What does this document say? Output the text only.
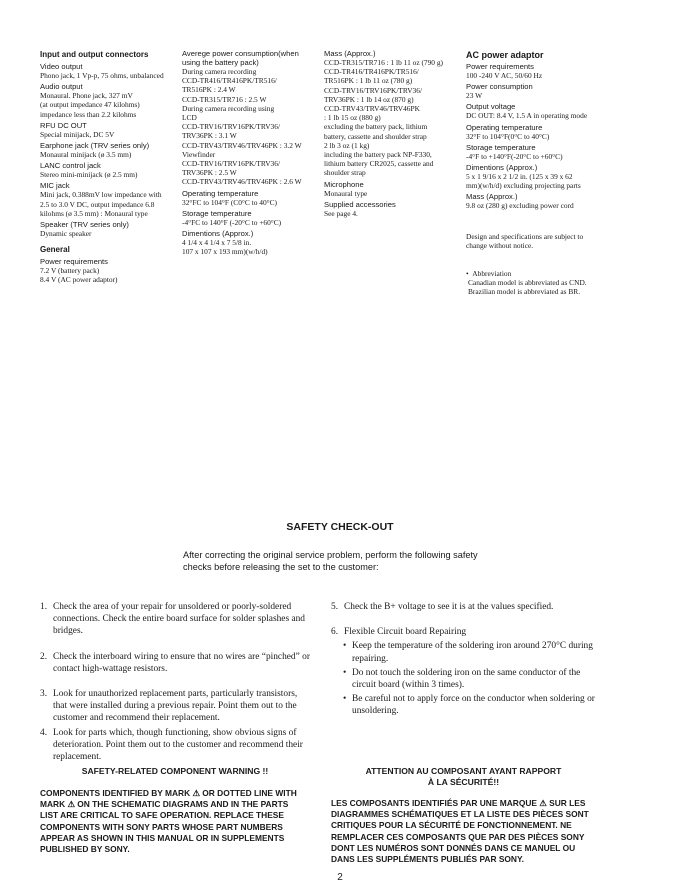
Input and output connectors
Video output
Phono jack, 1 Vp-p, 75 ohms, unbalanced
Audio output
Monaural. Phone jack, 327 mV
(at output impedance 47 kilohms)
impedance less than 2.2 kilohms
RFU DC OUT
Special minijack, DC 5V
Earphone jack (TRV series only)
Monaural minijack (ø 3.5 mm)
LANC control jack
Stereo mini-minijack (ø 2.5 mm)
MIC jack
Mini jack, 0.388mV low impedance with
2.5 to 3.0 V DC, output impedance 6.8
kilohms (ø 3.5 mm) : Monaural type
Speaker (TRV series only)
Dynamic speaker
General
Power requirements
7.2 V (battery pack)
8.4 V (AC power adaptor)
Averege power consumption(when
using the battery pack)
During camera recording
CCD-TR416/TR416PK/TR516/
TR516PK : 2.4 W
CCD-TR315/TR716 : 2.5 W
During camera recording using
LCD
CCD-TRV16/TRV16PK/TRV36/
TRV36PK : 3.1 W
CCD-TRV43/TRV46/TRV46PK : 3.2 W
Viewfinder
CCD-TRV16/TRV16PK/TRV36/
TRV36PK : 2.5 W
CCD-TRV43/TRV46/TRV46PK : 2.6 W
Operating temperature
32°FC to 104°F (C0°C to 40°C)
Storage temperature
-4°FC to 140°F (-20°C to +60°C)
Dimentions (Approx.)
4 1/4 x 4 1/4 x 7 5/8 in.
107 x 107 x 193 mm)(w/h/d)
Mass (Approx.)
CCD-TR315/TR716 : 1 lb 11 oz (790 g)
CCD-TR416/TR416PK/TR516/
TR516PK : 1 lb 11 oz (780 g)
CCD-TRV16/TRV16PK/TRV36/
TRV36PK : 1 lb 14 oz (870 g)
CCD-TRV43/TRV46/TRV46PK
: 1 lb 15 oz (880 g)
excluding the battery pack, lithium
battery, cassette and shoulder strap
2 lb 3 oz (1 kg)
including the battery pack NP-F330,
lithium battery CR2025, cassette and
shoulder strap
Microphone
Monaural type
Supplied accessories
See page 4.
AC power adaptor
Power requirements
100 -240 V AC, 50/60 Hz
Power consumption
23 W
Output voltage
DC OUT: 8.4 V, 1.5 A in operating mode
Operating temperature
32°F to 104°F(0°C to 40°C)
Storage temperature
-4°F to +140°F(-20°C to +60°C)
Dimentions (Approx.)
5 x 1 9/16 x 2 1/2 in. (125 x 39 x 62
mm)(w/h/d) excluding projecting parts
Mass (Approx.)
9.8 oz (280 g) excluding power cord
Design and specifications are subject to
change without notice.
•  Abbreviation
Canadian model is abbreviated as CND.
Brazilian model is abbreviated as BR.
SAFETY CHECK-OUT
After correcting the original service problem, perform the following safety checks before releasing the set to the customer:
1. Check the area of your repair for unsoldered or poorly-soldered connections. Check the entire board surface for solder splashes and bridges.
2. Check the interboard wiring to ensure that no wires are “pinched” or contact high-wattage resistors.
3. Look for unauthorized replacement parts, particularly transistors, that were installed during a previous repair. Point them out to the customer and recommend their replacement.
4. Look for parts which, though functioning, show obvious signs of deterioration. Point them out to the customer and recommend their replacement.
5. Check the B+ voltage to see it is at the values specified.
6. Flexible Circuit board Repairing
• Keep the temperature of the soldering iron around 270°C during repairing.
• Do not touch the soldering iron on the same conductor of the circuit board (within 3 times).
• Be careful not to apply force on the conductor when soldering or unsoldering.
SAFETY-RELATED COMPONENT WARNING !!
COMPONENTS IDENTIFIED BY MARK ⚠ OR DOTTED LINE WITH MARK ⚠ ON THE SCHEMATIC DIAGRAMS AND IN THE PARTS LIST ARE CRITICAL TO SAFE OPERATION. REPLACE THESE COMPONENTS WITH SONY PARTS WHOSE PART NUMBERS APPEAR AS SHOWN IN THIS MANUAL OR IN SUPPLEMENTS PUBLISHED BY SONY.
ATTENTION AU COMPOSANT AYANT RAPPORT
À LA SÉCURITÉ!!
LES COMPOSANTS IDENTIFIÉS PAR UNE MARQUE ⚠ SUR LES DIAGRAMMES SCHÉMATIQUES ET LA LISTE DES PIÈCES SONT CRITIQUES POUR LA SÉCURITÉ DE FONCTIONNEMENT. NE REMPLACER CES COMPOSANTS QUE PAR DES PIÈCES SONY DONT LES NUMÉROS SONT DONNÉS DANS CE MANUEL OU DANS LES SUPPLÉMENTS PUBLIÉS PAR SONY.
2
